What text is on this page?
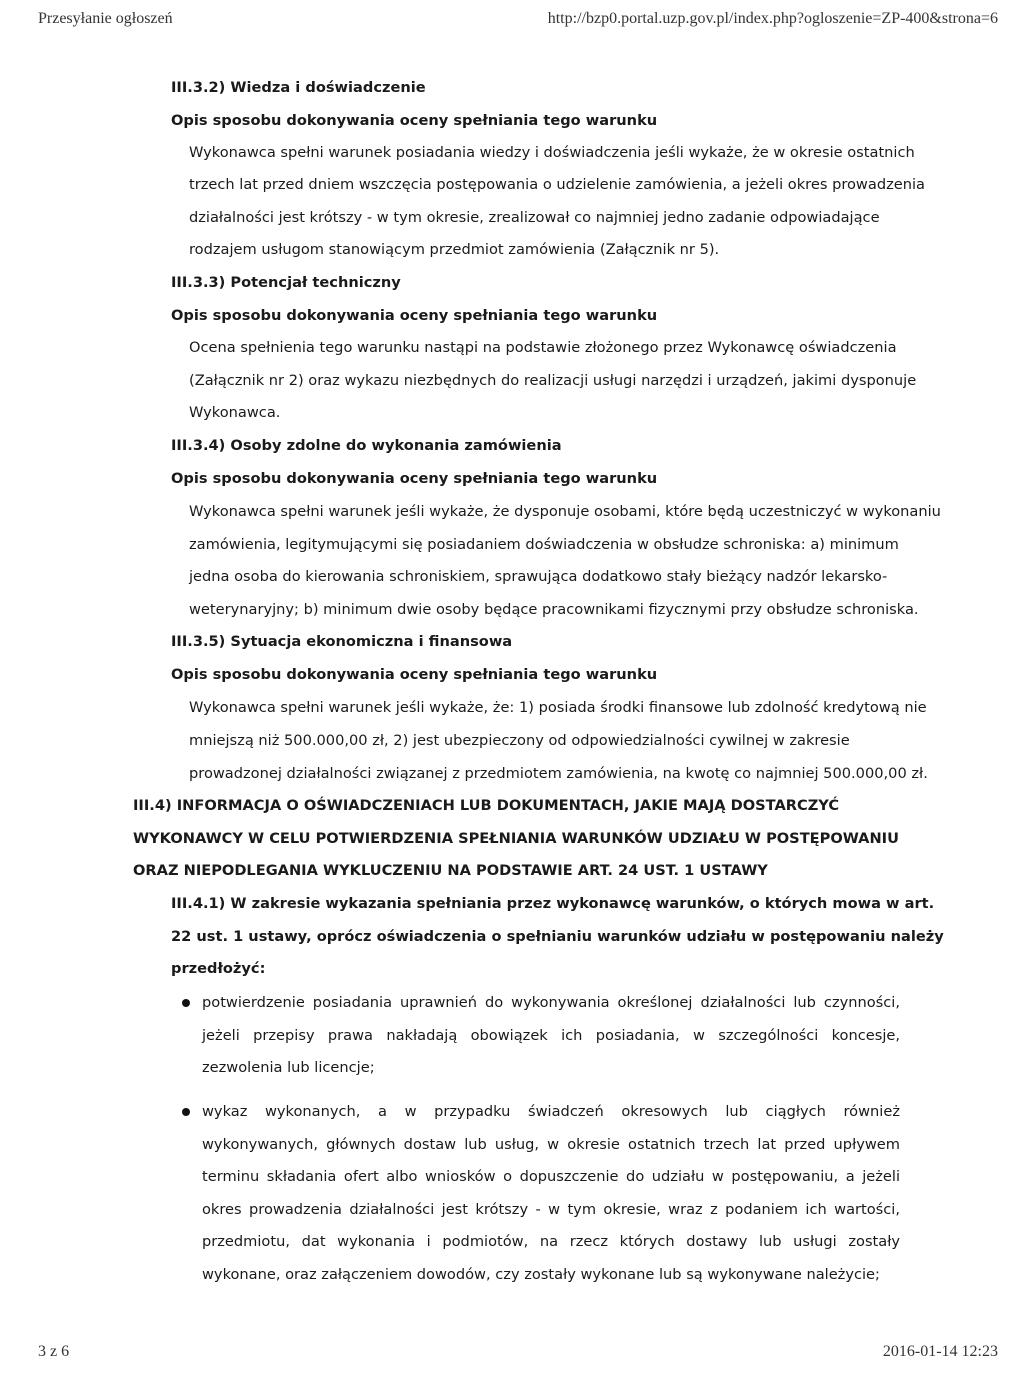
Przesyłanie ogłoszeń	http://bzp0.portal.uzp.gov.pl/index.php?ogloszenie=ZP-400&strona=6
III.3.2) Wiedza i doświadczenie
Opis sposobu dokonywania oceny spełniania tego warunku
Wykonawca spełni warunek posiadania wiedzy i doświadczenia jeśli wykaże, że w okresie ostatnich
trzech lat przed dniem wszczęcia postępowania o udzielenie zamówienia, a jeżeli okres prowadzenia
działalności jest krótszy - w tym okresie, zrealizował co najmniej jedno zadanie odpowiadające
rodzajem usługom stanowiącym przedmiot zamówienia (Załącznik nr 5).
III.3.3) Potencjał techniczny
Opis sposobu dokonywania oceny spełniania tego warunku
Ocena spełnienia tego warunku nastąpi na podstawie złożonego przez Wykonawcę oświadczenia
(Załącznik nr 2) oraz wykazu niezbędnych do realizacji usługi narzędzi i urządzeń, jakimi dysponuje
Wykonawca.
III.3.4) Osoby zdolne do wykonania zamówienia
Opis sposobu dokonywania oceny spełniania tego warunku
Wykonawca spełni warunek jeśli wykaże, że dysponuje osobami, które będą uczestniczyć w wykonaniu
zamówienia, legitymującymi się posiadaniem doświadczenia w obsłudze schroniska: a) minimum
jedna osoba do kierowania schroniskiem, sprawująca dodatkowo stały bieżący nadzór lekarsko-
weterynaryjny; b) minimum dwie osoby będące pracownikami fizycznymi przy obsłudze schroniska.
III.3.5) Sytuacja ekonomiczna i finansowa
Opis sposobu dokonywania oceny spełniania tego warunku
Wykonawca spełni warunek jeśli wykaże, że: 1) posiada środki finansowe lub zdolność kredytową nie
mniejszą niż 500.000,00 zł, 2) jest ubezpieczony od odpowiedzialności cywilnej w zakresie
prowadzonej działalności związanej z przedmiotem zamówienia, na kwotę co najmniej 500.000,00 zł.
III.4) INFORMACJA O OŚWIADCZENIACH LUB DOKUMENTACH, JAKIE MAJĄ DOSTARCZYĆ
WYKONAWCY W CELU POTWIERDZENIA SPEŁNIANIA WARUNKÓW UDZIAŁU W POSTĘPOWANIU
ORAZ NIEPODLEGANIA WYKLUCZENIU NA PODSTAWIE ART. 24 UST. 1 USTAWY
III.4.1) W zakresie wykazania spełniania przez wykonawcę warunków, o których mowa w art.
22 ust. 1 ustawy, oprócz oświadczenia o spełnianiu warunków udziału w postępowaniu należy
przedłożyć:
potwierdzenie posiadania uprawnień do wykonywania określonej działalności lub czynności, jeżeli przepisy prawa nakładają obowiązek ich posiadania, w szczególności koncesje, zezwolenia lub licencje;
wykaz wykonanych, a w przypadku świadczeń okresowych lub ciągłych również wykonywanych, głównych dostaw lub usług, w okresie ostatnich trzech lat przed upływem terminu składania ofert albo wniosków o dopuszczenie do udziału w postępowaniu, a jeżeli okres prowadzenia działalności jest krótszy - w tym okresie, wraz z podaniem ich wartości, przedmiotu, dat wykonania i podmiotów, na rzecz których dostawy lub usługi zostały wykonane, oraz załączeniem dowodów, czy zostały wykonane lub są wykonywane należycie;
3 z 6	2016-01-14 12:23
